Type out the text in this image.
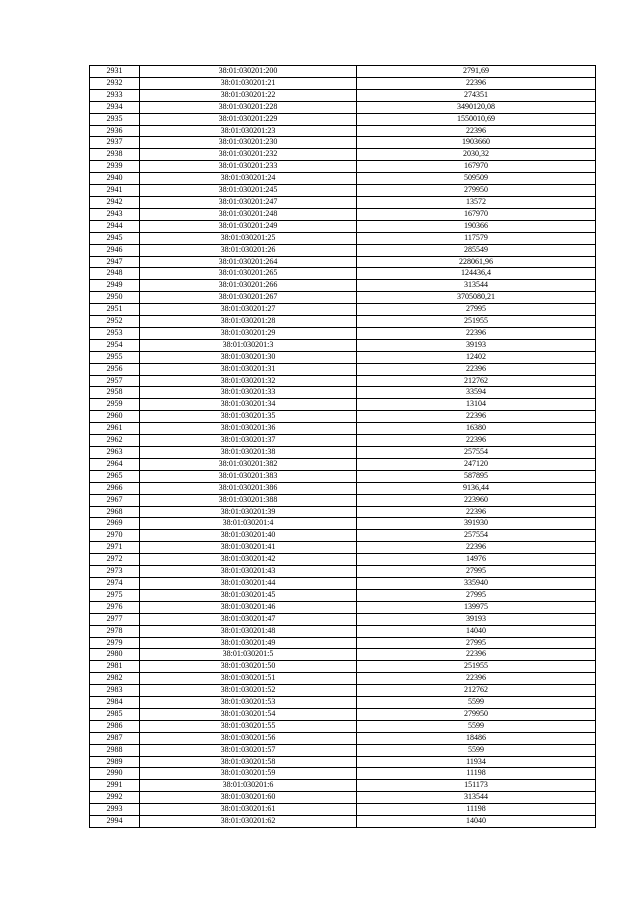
2931	38:01:030201:200	2791,69
2932	38:01:030201:21	22396
2933	38:01:030201:22	274351
2934	38:01:030201:228	3490120,08
2935	38:01:030201:229	1550010,69
2936	38:01:030201:23	22396
2937	38:01:030201:230	1903660
2938	38:01:030201:232	2030,32
2939	38:01:030201:233	167970
2940	38:01:030201:24	509509
2941	38:01:030201:245	279950
2942	38:01:030201:247	13572
2943	38:01:030201:248	167970
2944	38:01:030201:249	190366
2945	38:01:030201:25	117579
2946	38:01:030201:26	285549
2947	38:01:030201:264	228061,96
2948	38:01:030201:265	124436,4
2949	38:01:030201:266	313544
2950	38:01:030201:267	3705080,21
2951	38:01:030201:27	27995
2952	38:01:030201:28	251955
2953	38:01:030201:29	22396
2954	38:01:030201:3	39193
2955	38:01:030201:30	12402
2956	38:01:030201:31	22396
2957	38:01:030201:32	212762
2958	38:01:030201:33	33594
2959	38:01:030201:34	13104
2960	38:01:030201:35	22396
2961	38:01:030201:36	16380
2962	38:01:030201:37	22396
2963	38:01:030201:38	257554
2964	38:01:030201:382	247120
2965	38:01:030201:383	587895
2966	38:01:030201:386	9136,44
2967	38:01:030201:388	223960
2968	38:01:030201:39	22396
2969	38:01:030201:4	391930
2970	38:01:030201:40	257554
2971	38:01:030201:41	22396
2972	38:01:030201:42	14976
2973	38:01:030201:43	27995
2974	38:01:030201:44	335940
2975	38:01:030201:45	27995
2976	38:01:030201:46	139975
2977	38:01:030201:47	39193
2978	38:01:030201:48	14040
2979	38:01:030201:49	27995
2980	38:01:030201:5	22396
2981	38:01:030201:50	251955
2982	38:01:030201:51	22396
2983	38:01:030201:52	212762
2984	38:01:030201:53	5599
2985	38:01:030201:54	279950
2986	38:01:030201:55	5599
2987	38:01:030201:56	18486
2988	38:01:030201:57	5599
2989	38:01:030201:58	11934
2990	38:01:030201:59	11198
2991	38:01:030201:6	151173
2992	38:01:030201:60	313544
2993	38:01:030201:61	11198
2994	38:01:030201:62	14040
